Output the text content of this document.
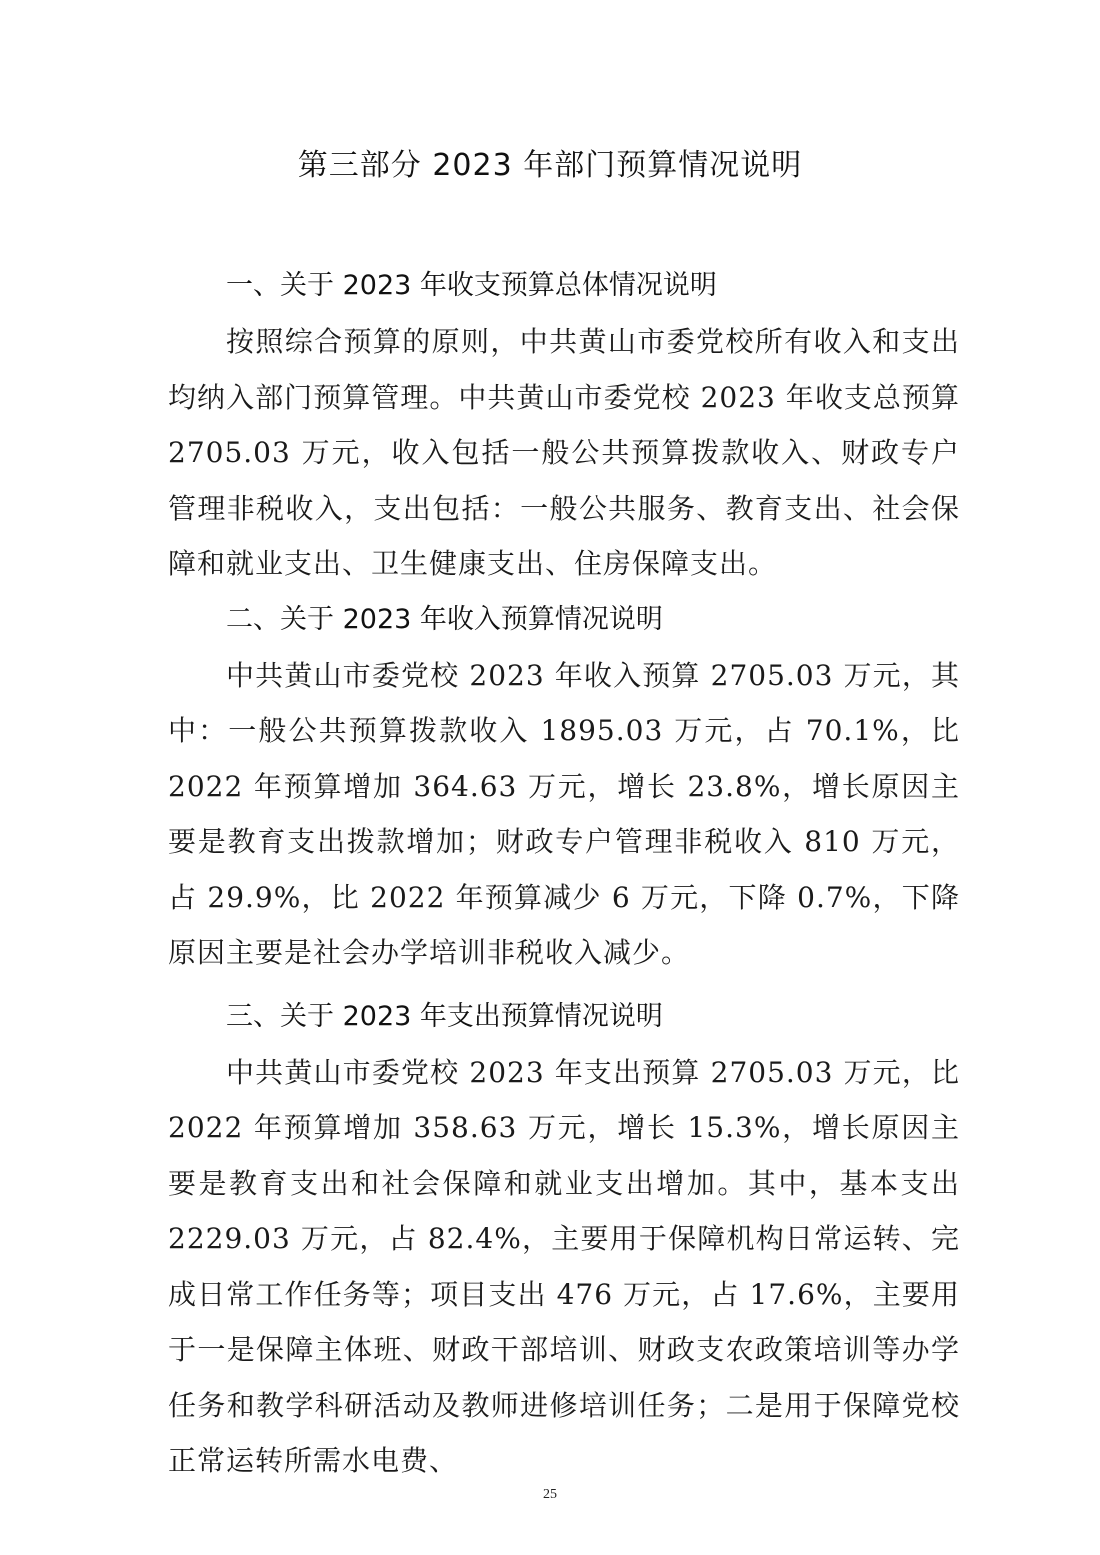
第三部分 2023 年部门预算情况说明

一、关于 2023 年收支预算总体情况说明

按照综合预算的原则，中共黄山市委党校所有收入和支出均纳入部门预算管理。中共黄山市委党校 2023 年收支总预算 2705.03 万元，收入包括一般公共预算拨款收入、财政专户管理非税收入，支出包括：一般公共服务、教育支出、社会保障和就业支出、卫生健康支出、住房保障支出。

二、关于 2023 年收入预算情况说明

中共黄山市委党校 2023 年收入预算 2705.03 万元，其中：一般公共预算拨款收入 1895.03 万元，占 70.1%，比 2022 年预算增加 364.63 万元，增长 23.8%，增长原因主要是教育支出拨款增加；财政专户管理非税收入 810 万元，占 29.9%，比 2022 年预算减少 6 万元，下降 0.7%，下降原因主要是社会办学培训非税收入减少。

三、关于 2023 年支出预算情况说明

中共黄山市委党校 2023 年支出预算 2705.03 万元，比 2022 年预算增加 358.63 万元，增长 15.3%，增长原因主要是教育支出和社会保障和就业支出增加。其中，基本支出 2229.03 万元，占 82.4%，主要用于保障机构日常运转、完成日常工作任务等；项目支出 476 万元，占 17.6%，主要用于一是保障主体班、财政干部培训、财政支农政策培训等办学任务和教学科研活动及教师进修培训任务；二是用于保障党校正常运转所需水电费、

25
